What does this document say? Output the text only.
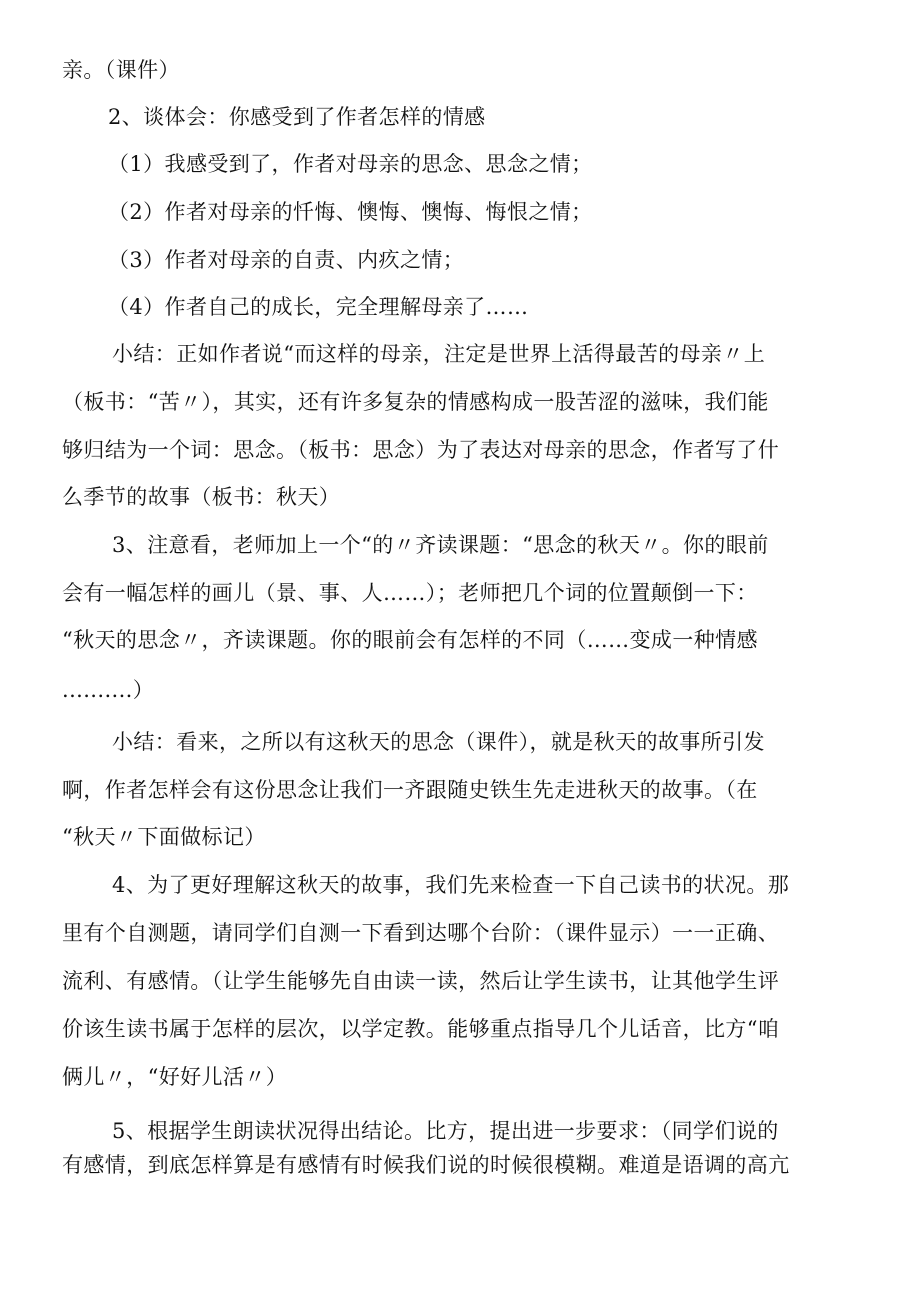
亲。（课件）
2、谈体会：你感受到了作者怎样的情感
（1）我感受到了，作者对母亲的思念、思念之情；
（2）作者对母亲的忏悔、懊悔、懊悔、悔恨之情；
（3）作者对母亲的自责、内疚之情；
（4）作者自己的成长，完全理解母亲了……
小结：正如作者说“而这样的母亲，注定是世界上活得最苦的母亲〃上
（板书：“苦〃），其实，还有许多复杂的情感构成一股苦涩的滋味，我们能
够归结为一个词：思念。（板书：思念）为了表达对母亲的思念，作者写了什
么季节的故事（板书：秋天）
3、注意看，老师加上一个“的〃齐读课题：“思念的秋天〃。你的眼前
会有一幅怎样的画儿（景、事、人……）；老师把几个词的位置颠倒一下：
“秋天的思念〃，齐读课题。你的眼前会有怎样的不同（……变成一种情感
..........）
小结：看来，之所以有这秋天的思念（课件），就是秋天的故事所引发
啊，作者怎样会有这份思念让我们一齐跟随史铁生先走进秋天的故事。（在
“秋天〃下面做标记）
4、为了更好理解这秋天的故事，我们先来检查一下自己读书的状况。那
里有个自测题，请同学们自测一下看到达哪个台阶：（课件显示）一一正确、
流利、有感情。（让学生能够先自由读一读，然后让学生读书，让其他学生评
价该生读书属于怎样的层次，以学定教。能够重点指导几个儿话音，比方“咱
俩儿〃，“好好儿活〃）
5、根据学生朗读状况得出结论。比方，提出进一步要求：（同学们说的
有感情，到底怎样算是有感情有时候我们说的时候很模糊。难道是语调的高亢
